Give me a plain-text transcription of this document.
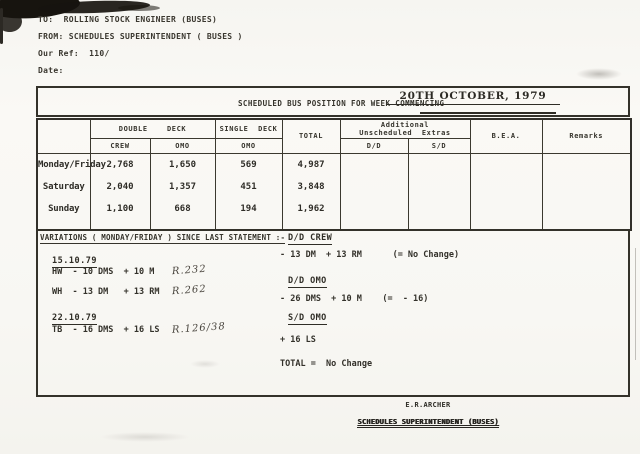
TO:  ROLLING STOCK ENGINEER (BUSES)
FROM: SCHEDULES SUPERINTENDENT ( BUSES )
Our Ref:  110/
Date:
SCHEDULED BUS POSITION FOR WEEK COMMENCING
20TH OCTOBER, 1979
	DOUBLE    DECK		SINGLE  DECK	TOTAL	Additional
Unscheduled  Extras		B.E.A.	Remarks
	CREW	OMO	OMO		D/D	S/D		
Monday/Friday	2,768	1,650	569	4,987				
Saturday	2,040	1,357	451	3,848				
Sunday	1,100	668	194	1,962				

VARIATIONS ( MONDAY/FRIDAY ) SINCE LAST STATEMENT :-
15.10.79
HW  - 10 DMS  + 10 M	R.232
WH  - 13 DM   + 13 RM	R.262
22.10.79
TB  - 16 DMS  + 16 LS	R.126/38
D/D CREW
- 13 DM  + 13 RM      (= No Change)
D/D OMO
- 26 DMS  + 10 M    (=  - 16)
S/D OMO
+ 16 LS
TOTAL =  No Change
E.R.ARCHER
SCHEDULES SUPERINTENDENT (BUSES)
